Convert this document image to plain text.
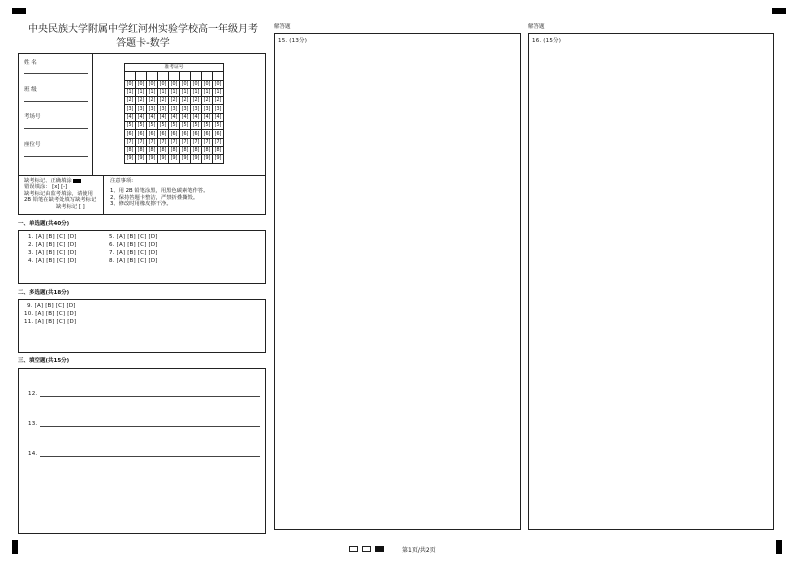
中央民族大学附属中学红河州实验学校高一年级月考
答题卡-数学
姓 名
班 级
考场号
座位号
准考证号								

[0]	[0]	[0]	[0]	[0]	[0]	[0]	[0]	[0]
[1]	[1]	[1]	[1]	[1]	[1]	[1]	[1]	[1]
[2]	[2]	[2]	[2]	[2]	[2]	[2]	[2]	[2]
[3]	[3]	[3]	[3]	[3]	[3]	[3]	[3]	[3]
[4]	[4]	[4]	[4]	[4]	[4]	[4]	[4]	[4]
[5]	[5]	[5]	[5]	[5]	[5]	[5]	[5]	[5]
[6]	[6]	[6]	[6]	[6]	[6]	[6]	[6]	[6]
[7]	[7]	[7]	[7]	[7]	[7]	[7]	[7]	[7]
[8]	[8]	[8]	[8]	[8]	[8]	[8]	[8]	[8]
[9]	[9]	[9]	[9]	[9]	[9]	[9]	[9]	[9]
缺考标记、正确填涂
错误填涂： [x] [-]
缺考标记由监考填涂，请使用
2B 铅笔在缺考处填写缺考标记
缺考标记 [ ]
注意事项:
1、用 2B 铅笔涂黑，用黑色碳素笔作答。
2、保持答题卡整洁，严禁折叠撕毁。
3、修改时用橡皮擦干净。
一、单选题(共40分)
1. [A] [B] [C] [D]
2. [A] [B] [C] [D]
3. [A] [B] [C] [D]
4. [A] [B] [C] [D]
5. [A] [B] [C] [D]
6. [A] [B] [C] [D]
7. [A] [B] [C] [D]
8. [A] [B] [C] [D]
二、多选题(共18分)
9. [A] [B] [C] [D]
10. [A] [B] [C] [D]
11. [A] [B] [C] [D]
三、填空题(共15分)
12.
13.
14.
解答题
15. (13分)
解答题
16. (15分)
第1页/共2页
